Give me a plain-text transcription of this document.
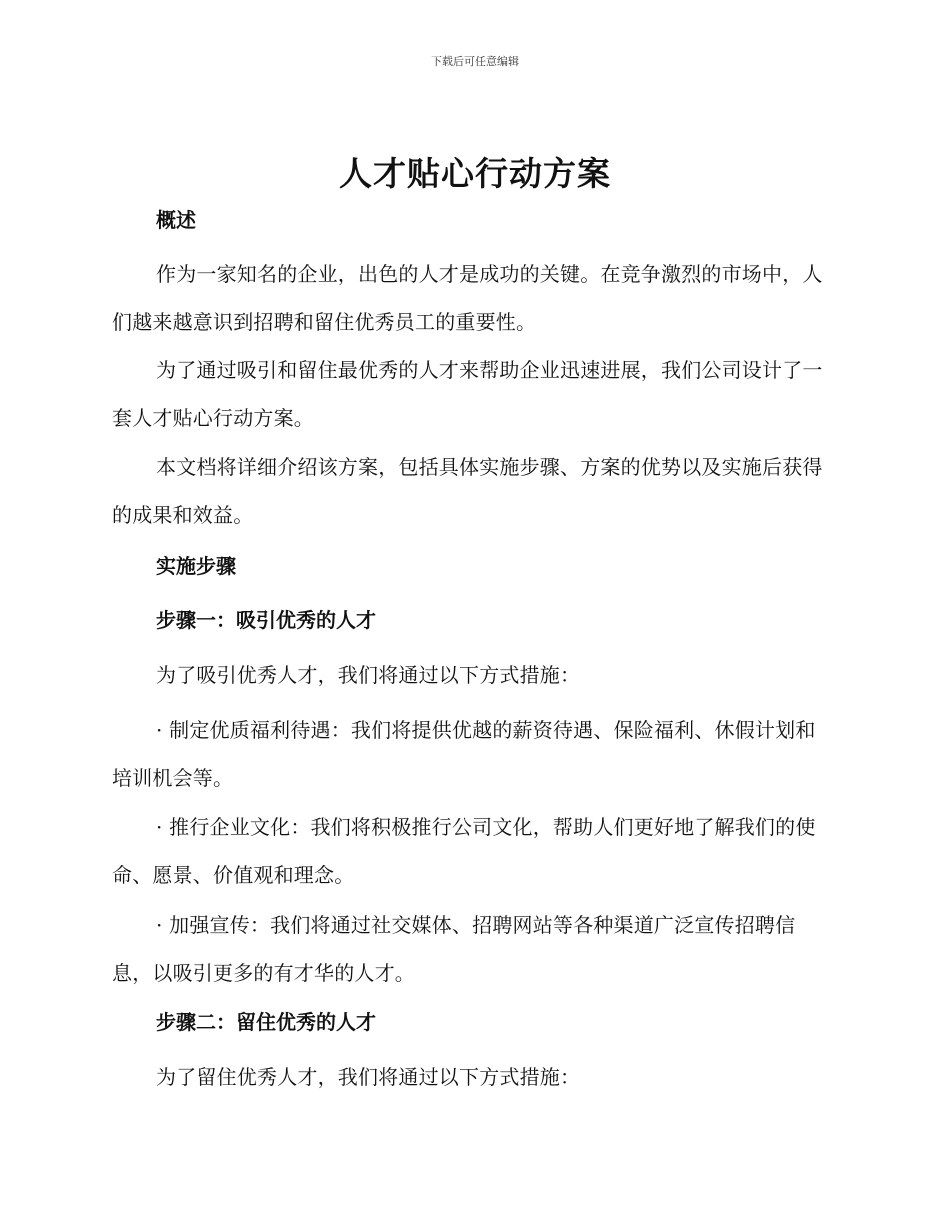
下载后可任意编辑
人才贴心行动方案

概述

作为一家知名的企业，出色的人才是成功的关键。在竞争激烈的市场中，人们越来越意识到招聘和留住优秀员工的重要性。

为了通过吸引和留住最优秀的人才来帮助企业迅速进展，我们公司设计了一套人才贴心行动方案。

本文档将详细介绍该方案，包括具体实施步骤、方案的优势以及实施后获得的成果和效益。

实施步骤

步骤一：吸引优秀的人才

为了吸引优秀人才，我们将通过以下方式措施：

· 制定优质福利待遇：我们将提供优越的薪资待遇、保险福利、休假计划和培训机会等。

· 推行企业文化：我们将积极推行公司文化，帮助人们更好地了解我们的使命、愿景、价值观和理念。

· 加强宣传：我们将通过社交媒体、招聘网站等各种渠道广泛宣传招聘信息，以吸引更多的有才华的人才。

步骤二：留住优秀的人才

为了留住优秀人才，我们将通过以下方式措施：
